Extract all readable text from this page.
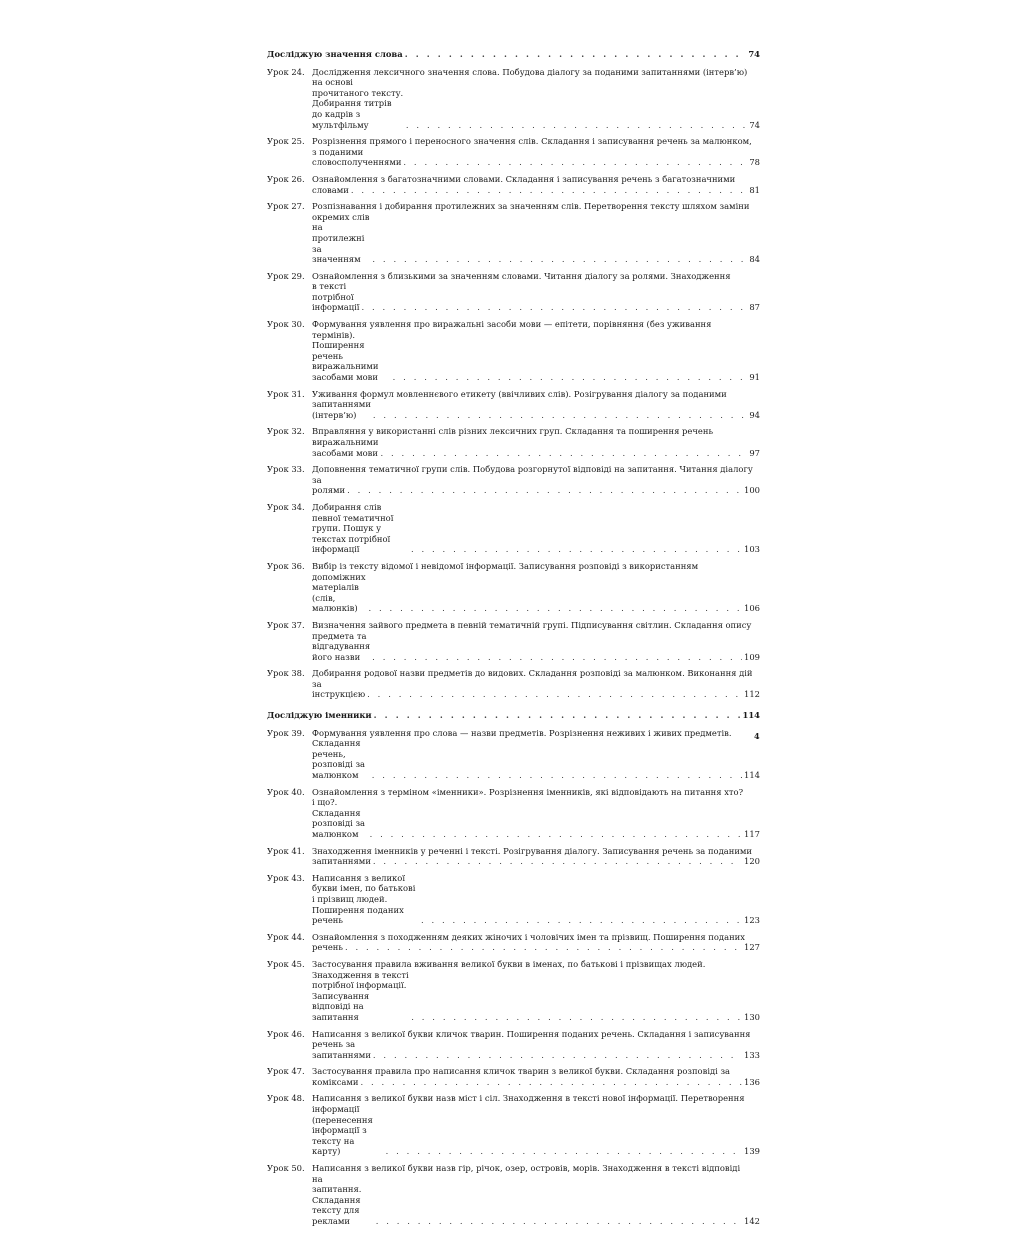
Досліджую значення слова . . .	74
Урок 24. Дослідження лексичного значення слова. Побудова діалогу за поданими запитаннями (інтерв’ю)
на основі прочитаного тексту. Добирання титрів до кадрів з мультфільму . . .	74
Урок 25. Розрізнення прямого і переносного значення слів. Складання і записування речень за малюнком,
з поданими словосполученнями . . .	78
Урок 26. Ознайомлення з багатозначними словами. Складання і записування речень з багатозначними
словами . . .	81
Урок 27. Розпізнавання і добирання протилежних за значенням слів. Перетворення тексту шляхом заміни
окремих слів на протилежні за значенням . . .	84
Урок 29. Ознайомлення з близькими за значенням словами. Читання діалогу за ролями. Знаходження
в тексті потрібної інформації . . .	87
Урок 30. Формування уявлення про виражальні засоби мови — епітети, порівняння (без уживання
термінів). Поширення речень виражальними засобами мови . . .	91
Урок 31. Уживання формул мовленнєвого етикету (ввічливих слів). Розігрування діалогу за поданими
запитаннями (інтерв’ю) . . .	94
Урок 32. Вправляння у використанні слів різних лексичних груп. Складання та поширення речень
виражальними засобами мови . . .	97
Урок 33. Доповнення тематичної групи слів. Побудова розгорнутої відповіді на запитання. Читання діалогу
за ролями . . .	100
Урок 34. Добирання слів певної тематичної групи. Пошук у текстах потрібної інформації . . .	103
Урок 36. Вибір із тексту відомої і невідомої інформації. Записування розповіді з використанням
допоміжних матеріалів (слів, малюнків) . . .	106
Урок 37. Визначення зайвого предмета в певній тематичній групі. Підписування світлин. Складання опису
предмета та відгадування його назви . . .	109
Урок 38. Добирання родової назви предметів до видових. Складання розповіді за малюнком. Виконання дій
за інструкцією . . .	112
Досліджую іменники . . .	114
Урок 39. Формування уявлення про слова — назви предметів. Розрізнення неживих і живих предметів.
Складання речень, розповіді за малюнком . . .	114
Урок 40. Ознайомлення з терміном «іменники». Розрізнення іменників, які відповідають на питання хто?
і що?. Складання розповіді за малюнком . . .	117
Урок 41. Знаходження іменників у реченні і тексті. Розігрування діалогу. Записування речень за поданими
запитаннями . . .	120
Урок 43. Написання з великої букви імен, по батькові і прізвищ людей. Поширення поданих речень . . .	123
Урок 44. Ознайомлення з походженням деяких жіночих і чоловічих імен та прізвищ. Поширення поданих
речень . . .	127
Урок 45. Застосування правила вживання великої букви в іменах, по батькові і прізвищах людей.
Знаходження в тексті потрібної інформації. Записування відповіді на запитання . . .	130
Урок 46. Написання з великої букви кличок тварин. Поширення поданих речень. Складання і записування
речень за запитаннями . . .	133
Урок 47. Застосування правила про написання кличок тварин з великої букви. Складання розповіді за
коміксами . . .	136
Урок 48. Написання з великої букви назв міст і сіл. Знаходження в тексті нової інформації. Перетворення
інформації (перенесення інформації з тексту на карту) . . .	139
Урок 50. Написання з великої букви назв гір, річок, озер, островів, морів. Знаходження в тексті відповіді
на запитання. Складання тексту для реклами . . .	142
4
